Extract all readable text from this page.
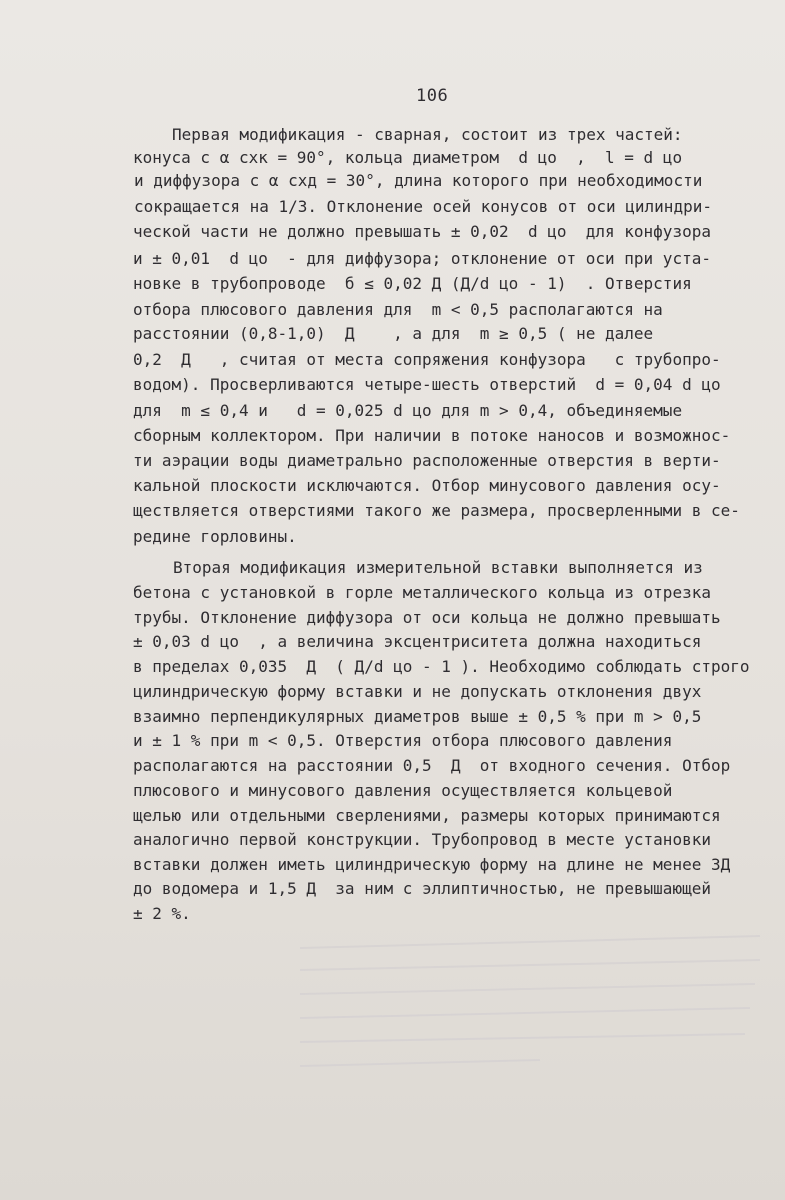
106
Первая модификация - сварная, состоит из трех частей:
конуса с α схк = 90°, кольца диаметром  d цо  ,  l = d цо
и диффузора с α схд = 30°, длина которого при необходимости
сокращается на 1/3. Отклонение осей конусов от оси цилиндри-
ческой части не должно превышать ± 0,02  d цо  для конфузора
и ± 0,01  d цо  - для диффузора; отклонение от оси при уста-
новке в трубопроводе  б ≤ 0,02 Д (Д/d цо - 1)  . Отверстия
отбора плюсового давления для  m < 0,5 располагаются на
расстоянии (0,8-1,0)  Д    , а для  m ≥ 0,5 ( не далее
0,2  Д   , считая от места сопряжения конфузора   с трубопро-
водом). Просверливаются четыре-шесть отверстий  d = 0,04 d цо
для  m ≤ 0,4 и   d = 0,025 d цо для m > 0,4, объединяемые
сборным коллектором. При наличии в потоке наносов и возможнос-
ти аэрации воды диаметрально расположенные отверстия в верти-
кальной плоскости исключаются. Отбор минусового давления осу-
ществляется отверстиями такого же размера, просверленными в се-
редине горловины.
Вторая модификация измерительной вставки выполняется из
бетона с установкой в горле металлического кольца из отрезка
трубы. Отклонение диффузора от оси кольца не должно превышать
± 0,03 d цо  , а величина эксцентриситета должна находиться
в пределах 0,035  Д  ( Д/d цо - 1 ). Необходимо соблюдать строго
цилиндрическую форму вставки и не допускать отклонения двух
взаимно перпендикулярных диаметров выше ± 0,5 % при m > 0,5
и ± 1 % при m < 0,5. Отверстия отбора плюсового давления
располагаются на расстоянии 0,5  Д  от входного сечения. Отбор
плюсового и минусового давления осуществляется кольцевой
щелью или отдельными сверлениями, размеры которых принимаются
аналогично первой конструкции. Трубопровод в месте установки
вставки должен иметь цилиндрическую форму на длине не менее 3Д
до водомера и 1,5 Д  за ним с эллиптичностью, не превышающей
± 2 %.
